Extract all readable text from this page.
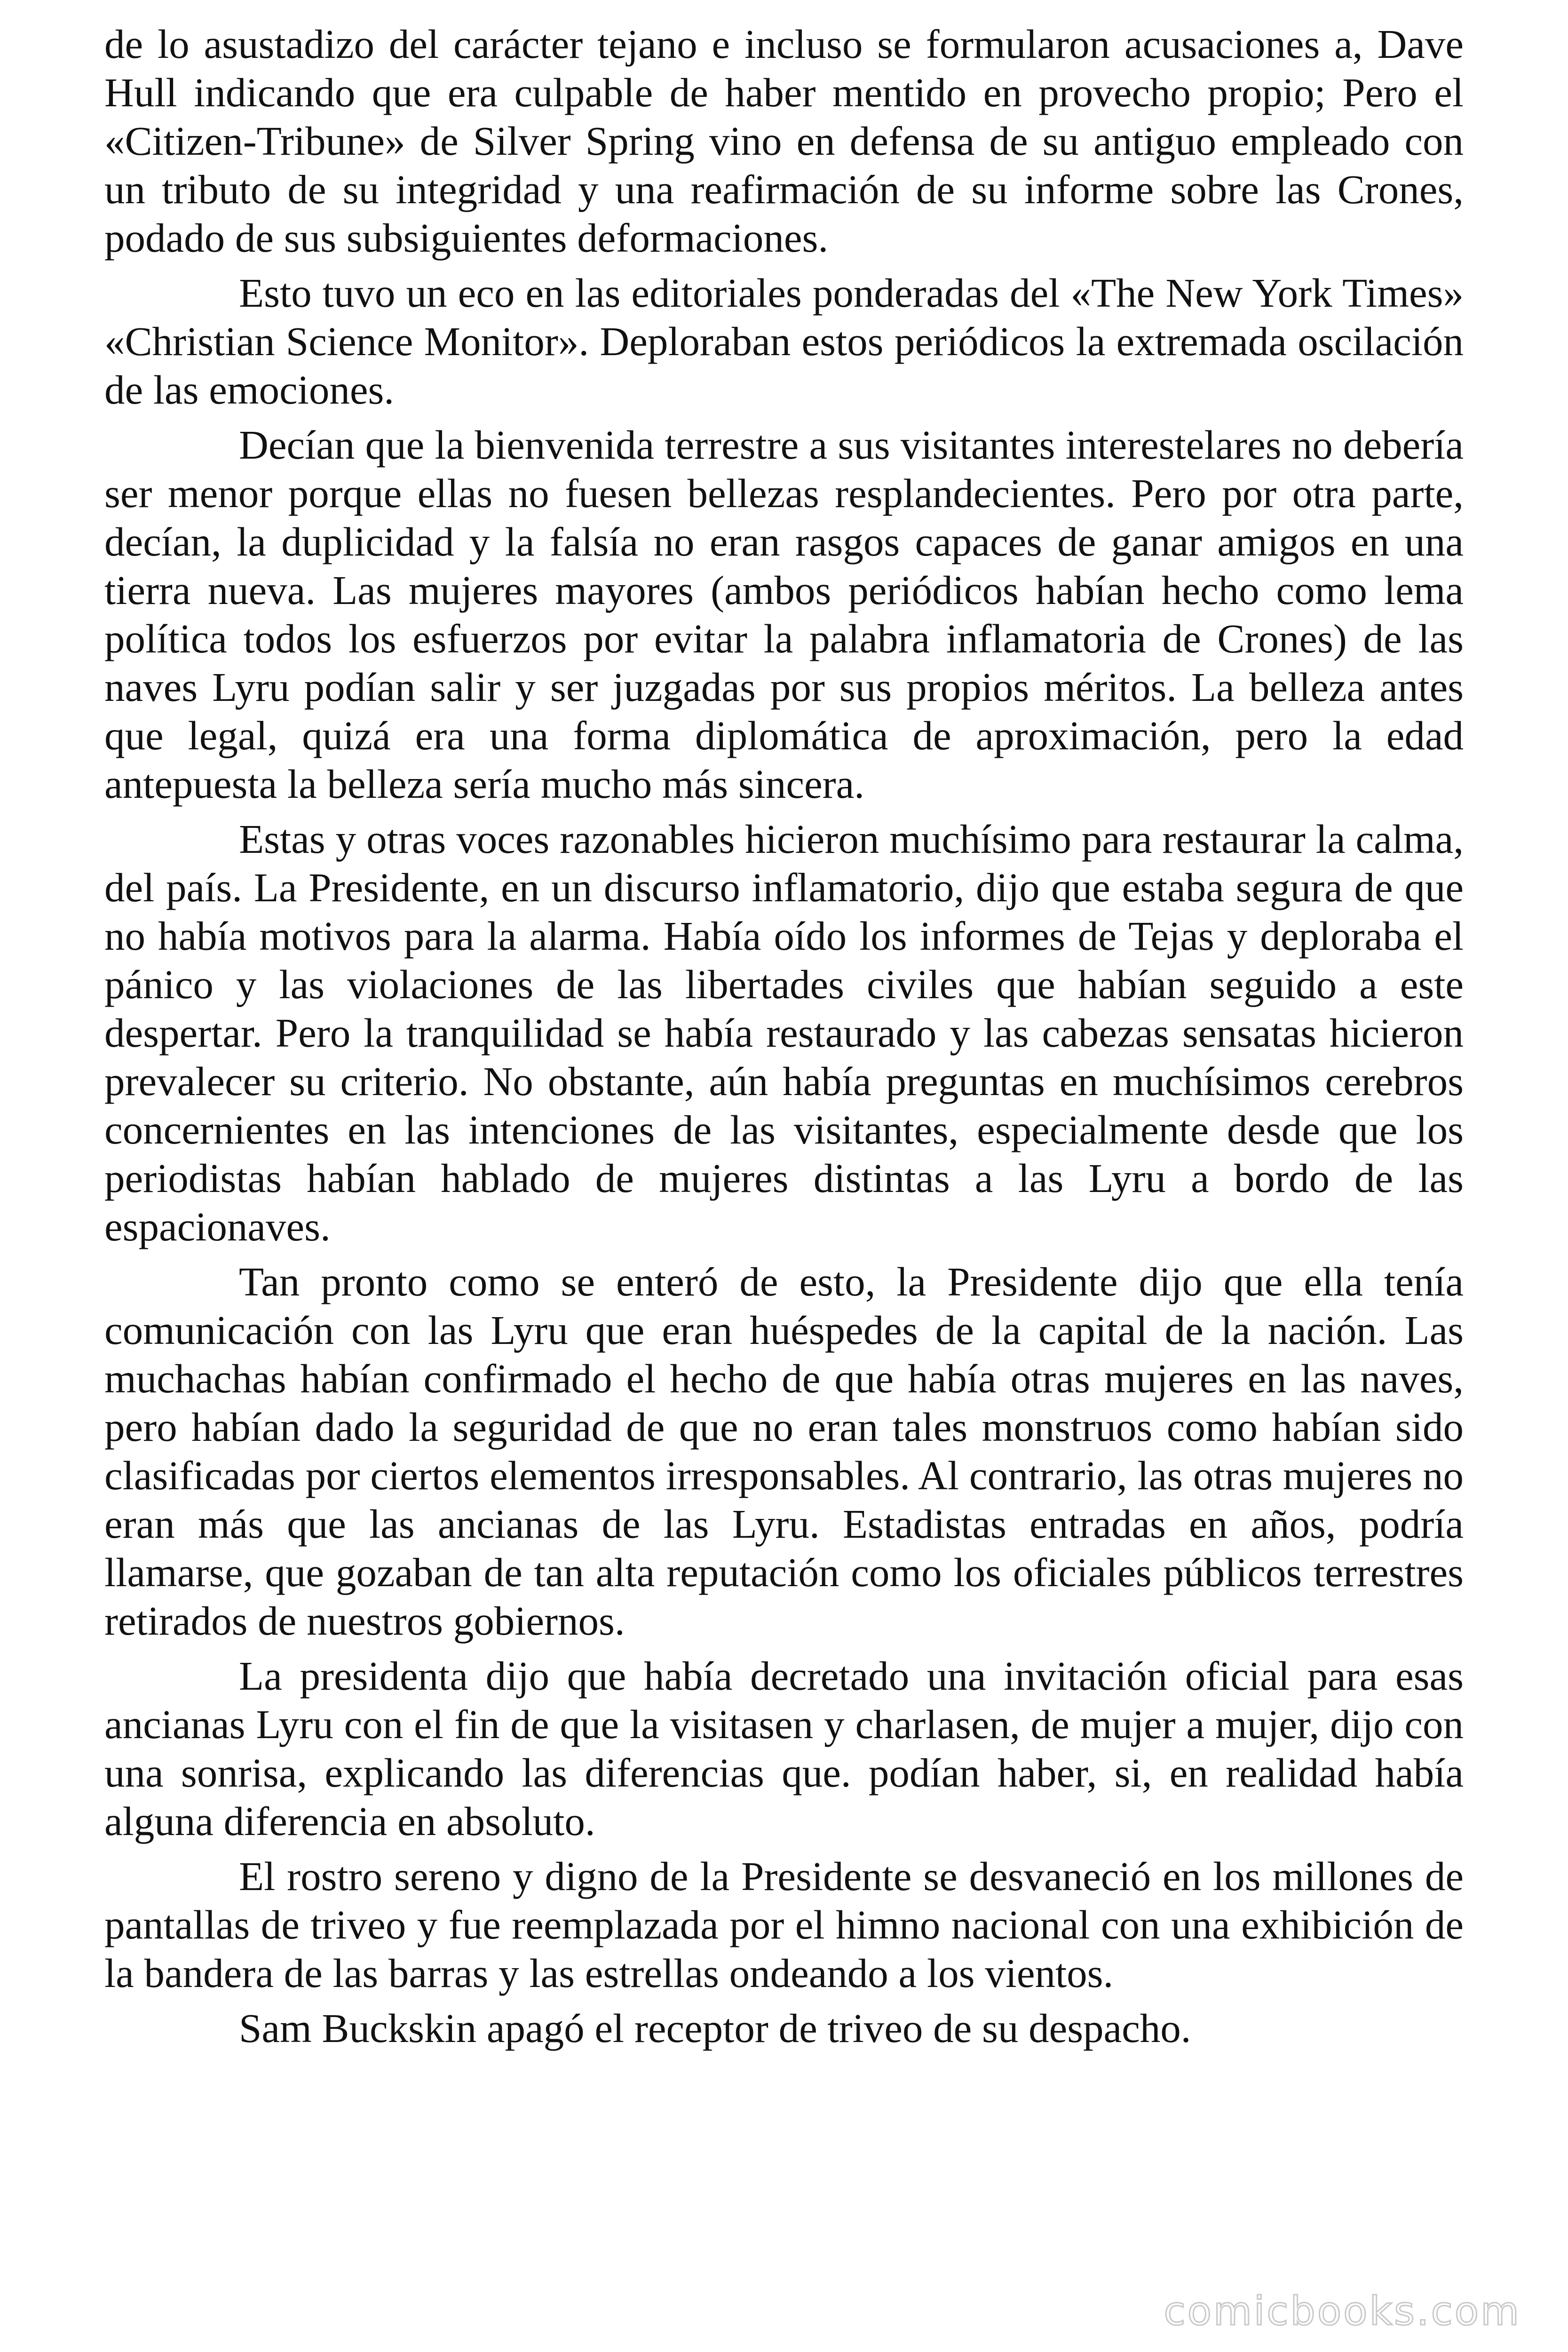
de lo asustadizo del carácter tejano e incluso se formularon acusaciones a, Dave Hull indicando que era culpable de haber mentido en provecho propio; Pero el «Citizen-Tribune» de Silver Spring vino en defensa de su antiguo empleado con un tributo de su integridad y una reafirmación de su informe sobre las Crones, podado de sus subsiguientes deformaciones.

Esto tuvo un eco en las editoriales ponderadas del «The New York Times» «Christian Science Monitor». Deploraban estos periódicos la extremada oscilación de las emociones.

Decían que la bienvenida terrestre a sus visitantes interestelares no debería ser menor porque ellas no fuesen bellezas resplandecientes. Pero por otra parte, decían, la duplicidad y la falsía no eran rasgos capaces de ganar amigos en una tierra nueva. Las mujeres mayores (ambos periódicos habían hecho como lema política todos los esfuerzos por evitar la palabra inflamatoria de Crones) de las naves Lyru podían salir y ser juzgadas por sus propios méritos. La belleza antes que legal, quizá era una forma diplomática de aproximación, pero la edad antepuesta la belleza sería mucho más sincera.

Estas y otras voces razonables hicieron muchísimo para restaurar la calma, del país. La Presidente, en un discurso inflamatorio, dijo que estaba segura de que no había motivos para la alarma. Había oído los informes de Tejas y deploraba el pánico y las violaciones de las libertades civiles que habían seguido a este despertar. Pero la tranquilidad se había restaurado y las cabezas sensatas hicieron prevalecer su criterio. No obstante, aún había preguntas en muchísimos cerebros concernientes en las intenciones de las visitantes, especialmente desde que los periodistas habían hablado de mujeres distintas a las Lyru a bordo de las espacionaves.

Tan pronto como se enteró de esto, la Presidente dijo que ella tenía comunicación con las Lyru que eran huéspedes de la capital de la nación. Las muchachas habían confirmado el hecho de que había otras mujeres en las naves, pero habían dado la seguridad de que no eran tales monstruos como habían sido clasificadas por ciertos elementos irresponsables. Al contrario, las otras mujeres no eran más que las ancianas de las Lyru. Estadistas entradas en años, podría llamarse, que gozaban de tan alta reputación como los oficiales públicos terrestres retirados de nuestros gobiernos.

La presidenta dijo que había decretado una invitación oficial para esas ancianas Lyru con el fin de que la visitasen y charlasen, de mujer a mujer, dijo con una sonrisa, explicando las diferencias que. podían haber, si, en realidad había alguna diferencia en absoluto.

El rostro sereno y digno de la Presidente se desvaneció en los millones de pantallas de triveo y fue reemplazada por el himno nacional con una exhibición de la bandera de las barras y las estrellas ondeando a los vientos.

Sam Buckskin apagó el receptor de triveo de su despacho.

comicbooks.com
